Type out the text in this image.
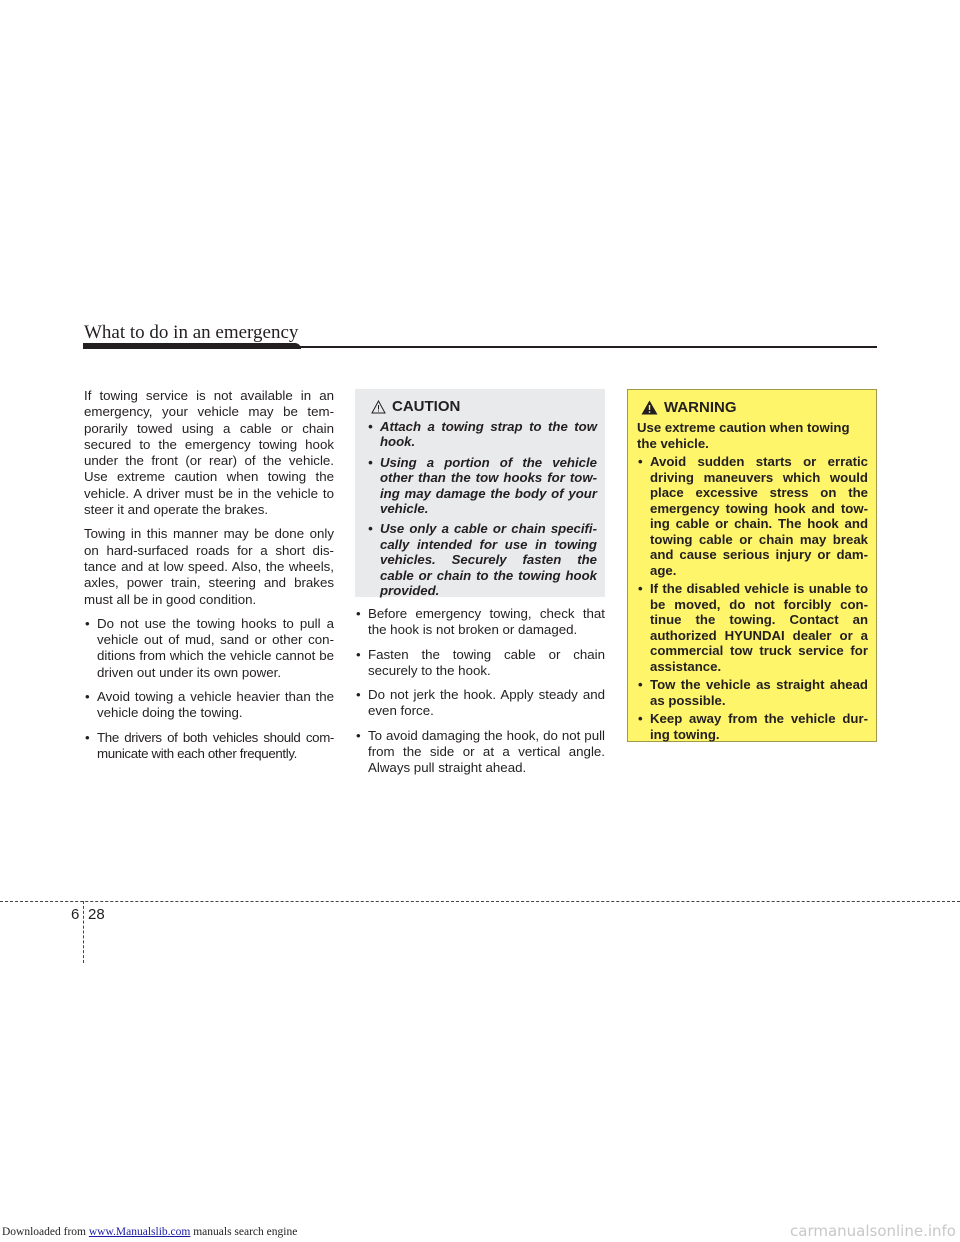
What to do in an emergency

If towing service is not available in an emergency, your vehicle may be tem-porarily towed using a cable or chain secured to the emergency towing hook under the front (or rear) of the vehicle. Use extreme caution when towing the vehicle. A driver must be in the vehicle to steer it and operate the brakes.

Towing in this manner may be done only on hard-surfaced roads for a short dis-tance and at low speed. Also, the wheels, axles, power train, steering and brakes must all be in good condition.

• Do not use the towing hooks to pull a vehicle out of mud, sand or other con-ditions from which the vehicle cannot be driven out under its own power.
• Avoid towing a vehicle heavier than the vehicle doing the towing.
• The drivers of both vehicles should com-municate with each other frequently.
CAUTION
• Attach a towing strap to the tow hook.
• Using a portion of the vehicle other than the tow hooks for tow-ing may damage the body of your vehicle.
• Use only a cable or chain specifi-cally intended for use in towing vehicles. Securely fasten the cable or chain to the towing hook provided.
• Before emergency towing, check that the hook is not broken or damaged.
• Fasten the towing cable or chain securely to the hook.
• Do not jerk the hook. Apply steady and even force.
• To avoid damaging the hook, do not pull from the side or at a vertical angle. Always pull straight ahead.
WARNING

Use extreme caution when towing the vehicle.

• Avoid sudden starts or erratic driving maneuvers which would place excessive stress on the emergency towing hook and tow-ing cable or chain. The hook and towing cable or chain may break and cause serious injury or dam-age.
• If the disabled vehicle is unable to be moved, do not forcibly con-tinue the towing. Contact an authorized HYUNDAI dealer or a commercial tow truck service for assistance.
• Tow the vehicle as straight ahead as possible.
• Keep away from the vehicle dur-ing towing.
6 28
Downloaded from www.Manualslib.com manuals search engine	carmanualsonline.info
